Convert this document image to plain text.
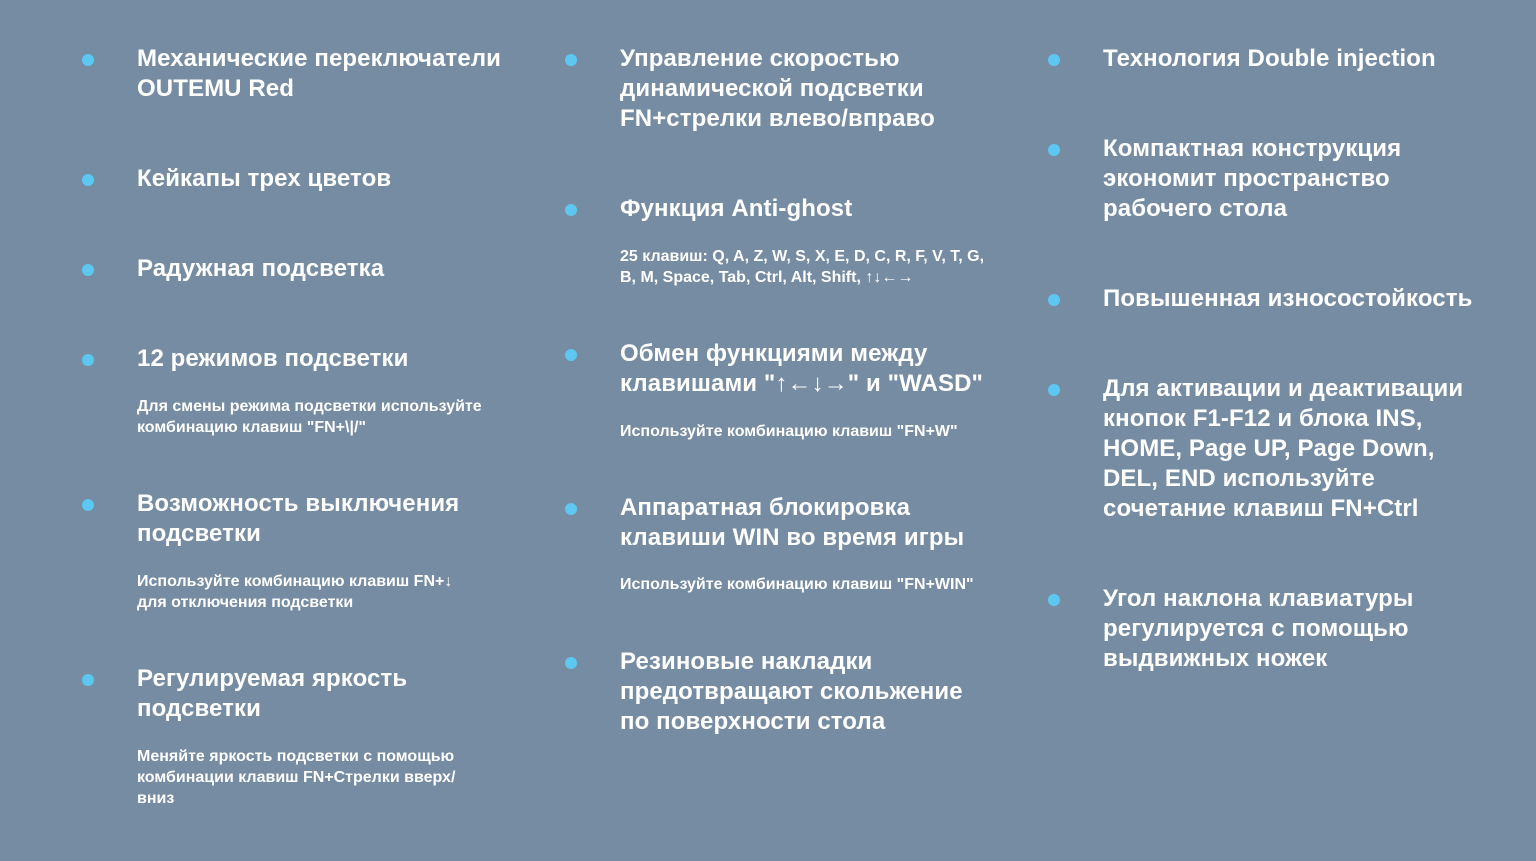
Механические переключатели
OUTEMU Red

Кейкапы трех цветов

Радужная подсветка

12 режимов подсветки

Для смены режима подсветки используйте
комбинацию клавиш "FN+\|/"

Возможность выключения
подсветки

Используйте комбинацию клавиш FN+↓
для отключения подсветки

Регулируемая яркость
подсветки

Меняйте яркость подсветки с помощью
комбинации клавиш FN+Стрелки вверх/
вниз

Управление скоростью
динамической подсветки
FN+стрелки влево/вправо

Функция Anti-ghost

25 клавиш: Q, A, Z, W, S, X, E, D, C, R, F, V, T, G,
B, M, Space, Tab, Ctrl, Alt, Shift, ↑↓←→

Обмен функциями между
клавишами "↑←↓→" и "WASD"

Используйте комбинацию клавиш "FN+W"

Аппаратная блокировка
клавиши WIN во время игры

Используйте комбинацию клавиш "FN+WIN"

Резиновые накладки
предотвращают скольжение
по поверхности стола

Технология Double injection

Компактная конструкция
экономит пространство
рабочего стола

Повышенная износостойкость

Для активации и деактивации
кнопок F1-F12 и блока INS,
HOME, Page UP, Page Down,
DEL, END используйте
сочетание клавиш FN+Ctrl

Угол наклона клавиатуры
регулируется с помощью
выдвижных ножек
